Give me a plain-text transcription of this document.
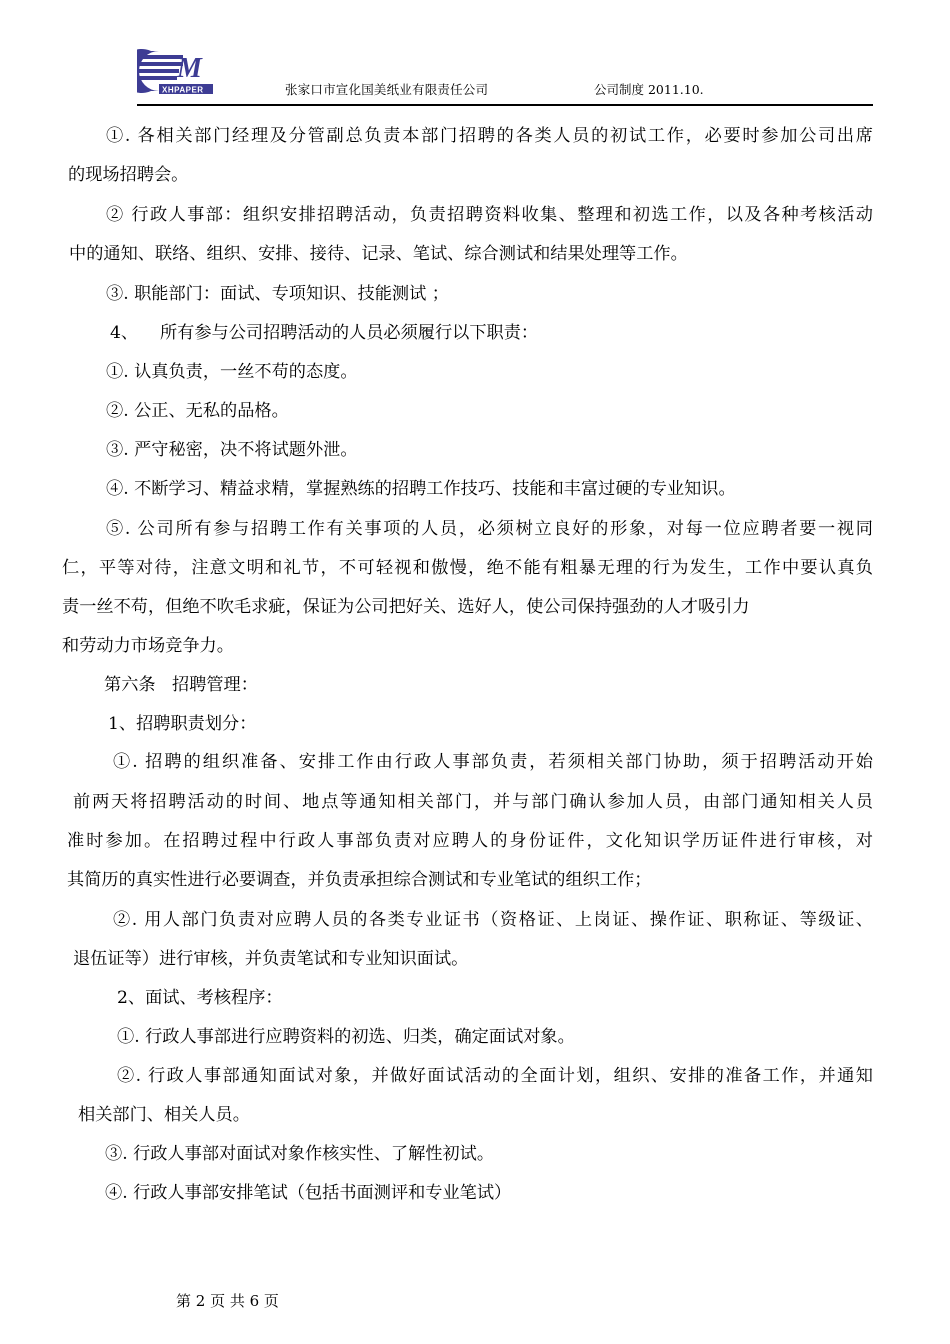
M
XHPAPER	张家口市宣化国美纸业有限责任公司	公司制度 2011.10.
①. 各相关部门经理及分管副总负责本部门招聘的各类人员的初试工作，必要时参加公司出席
的现场招聘会。
② 行政人事部：组织安排招聘活动，负责招聘资料收集、整理和初选工作，以及各种考核活动
中的通知、联络、组织、安排、接待、记录、笔试、综合测试和结果处理等工作。
③. 职能部门：面试、专项知识、技能测试 ；
4、    所有参与公司招聘活动的人员必须履行以下职责：
①. 认真负责，一丝不苟的态度。
②. 公正、无私的品格。
③. 严守秘密，决不将试题外泄。
④. 不断学习、精益求精，掌握熟练的招聘工作技巧、技能和丰富过硬的专业知识。
⑤. 公司所有参与招聘工作有关事项的人员，必须树立良好的形象，对每一位应聘者要一视同
仁，平等对待，注意文明和礼节，不可轻视和傲慢，绝不能有粗暴无理的行为发生，工作中要认真负
责一丝不苟，但绝不吹毛求疵，保证为公司把好关、选好人，使公司保持强劲的人才吸引力
和劳动力市场竞争力。
第六条   招聘管理：
1、招聘职责划分：
①. 招聘的组织准备、安排工作由行政人事部负责，若须相关部门协助，须于招聘活动开始
前两天将招聘活动的时间、地点等通知相关部门，并与部门确认参加人员，由部门通知相关人员
准时参加。在招聘过程中行政人事部负责对应聘人的身份证件，文化知识学历证件进行审核，对
其简历的真实性进行必要调查，并负责承担综合测试和专业笔试的组织工作；
②. 用人部门负责对应聘人员的各类专业证书（资格证、上岗证、操作证、职称证、等级证、
退伍证等）进行审核，并负责笔试和专业知识面试。
2、面试、考核程序：
①. 行政人事部进行应聘资料的初选、归类，确定面试对象。
②. 行政人事部通知面试对象，并做好面试活动的全面计划，组织、安排的准备工作，并通知
相关部门、相关人员。
③. 行政人事部对面试对象作核实性、了解性初试。
④. 行政人事部安排笔试（包括书面测评和专业笔试）
第 2 页 共 6 页
